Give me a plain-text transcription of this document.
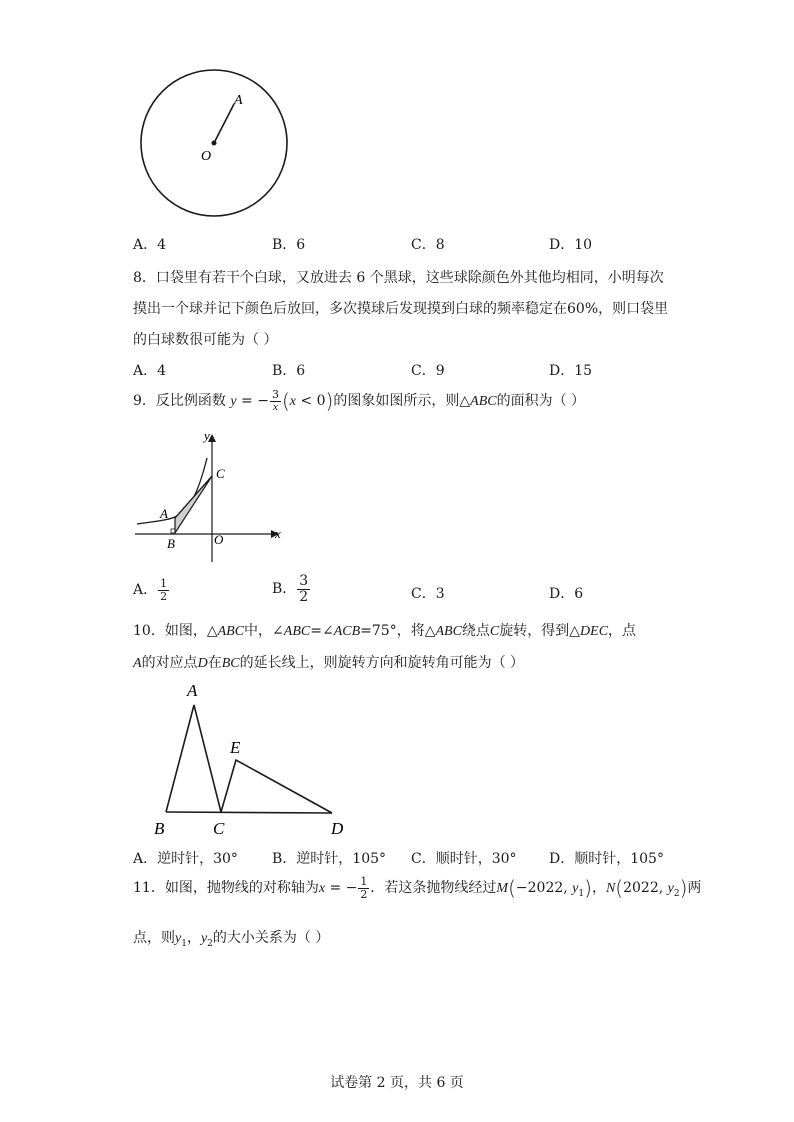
A
O
A．4	B．6	C．8	D．10
8．口袋里有若干个白球，又放进去 6 个黑球，这些球除颜色外其他均相同，小明每次
摸出一个球并记下颜色后放回，多次摸球后发现摸到白球的频率稳定在60%，则口袋里
的白球数很可能为（ ）
A．4	B．6	C．9	D．15
9．反比例函数 y = − $\frac{3}{x} (x < 0)$的图象如图所示，则△ABC的面积为（ ）
y
x
C
A
B	O
A． $\frac{1}{2}$	B． $\frac{3}{2}$	C．3	D．6
10．如图，△ABC中，∠ABC=∠ACB=75°，将△ABC绕点C旋转，得到△DEC，点
A的对应点D在BC的延长线上，则旋转方向和旋转角可能为（ ）
A
E
B	C	D
A．逆时针，30° B．逆时针，105° C．顺时针，30° D．顺时针，105°
11．如图，抛物线的对称轴为x = − $\frac{1}{2}$ ．若这条抛物线经过M(−2022, $y_1$)，N(2022, $y_2$)两
点，则$y_1$，$y_2$的大小关系为（ ）
试卷第 2 页，共 6 页
